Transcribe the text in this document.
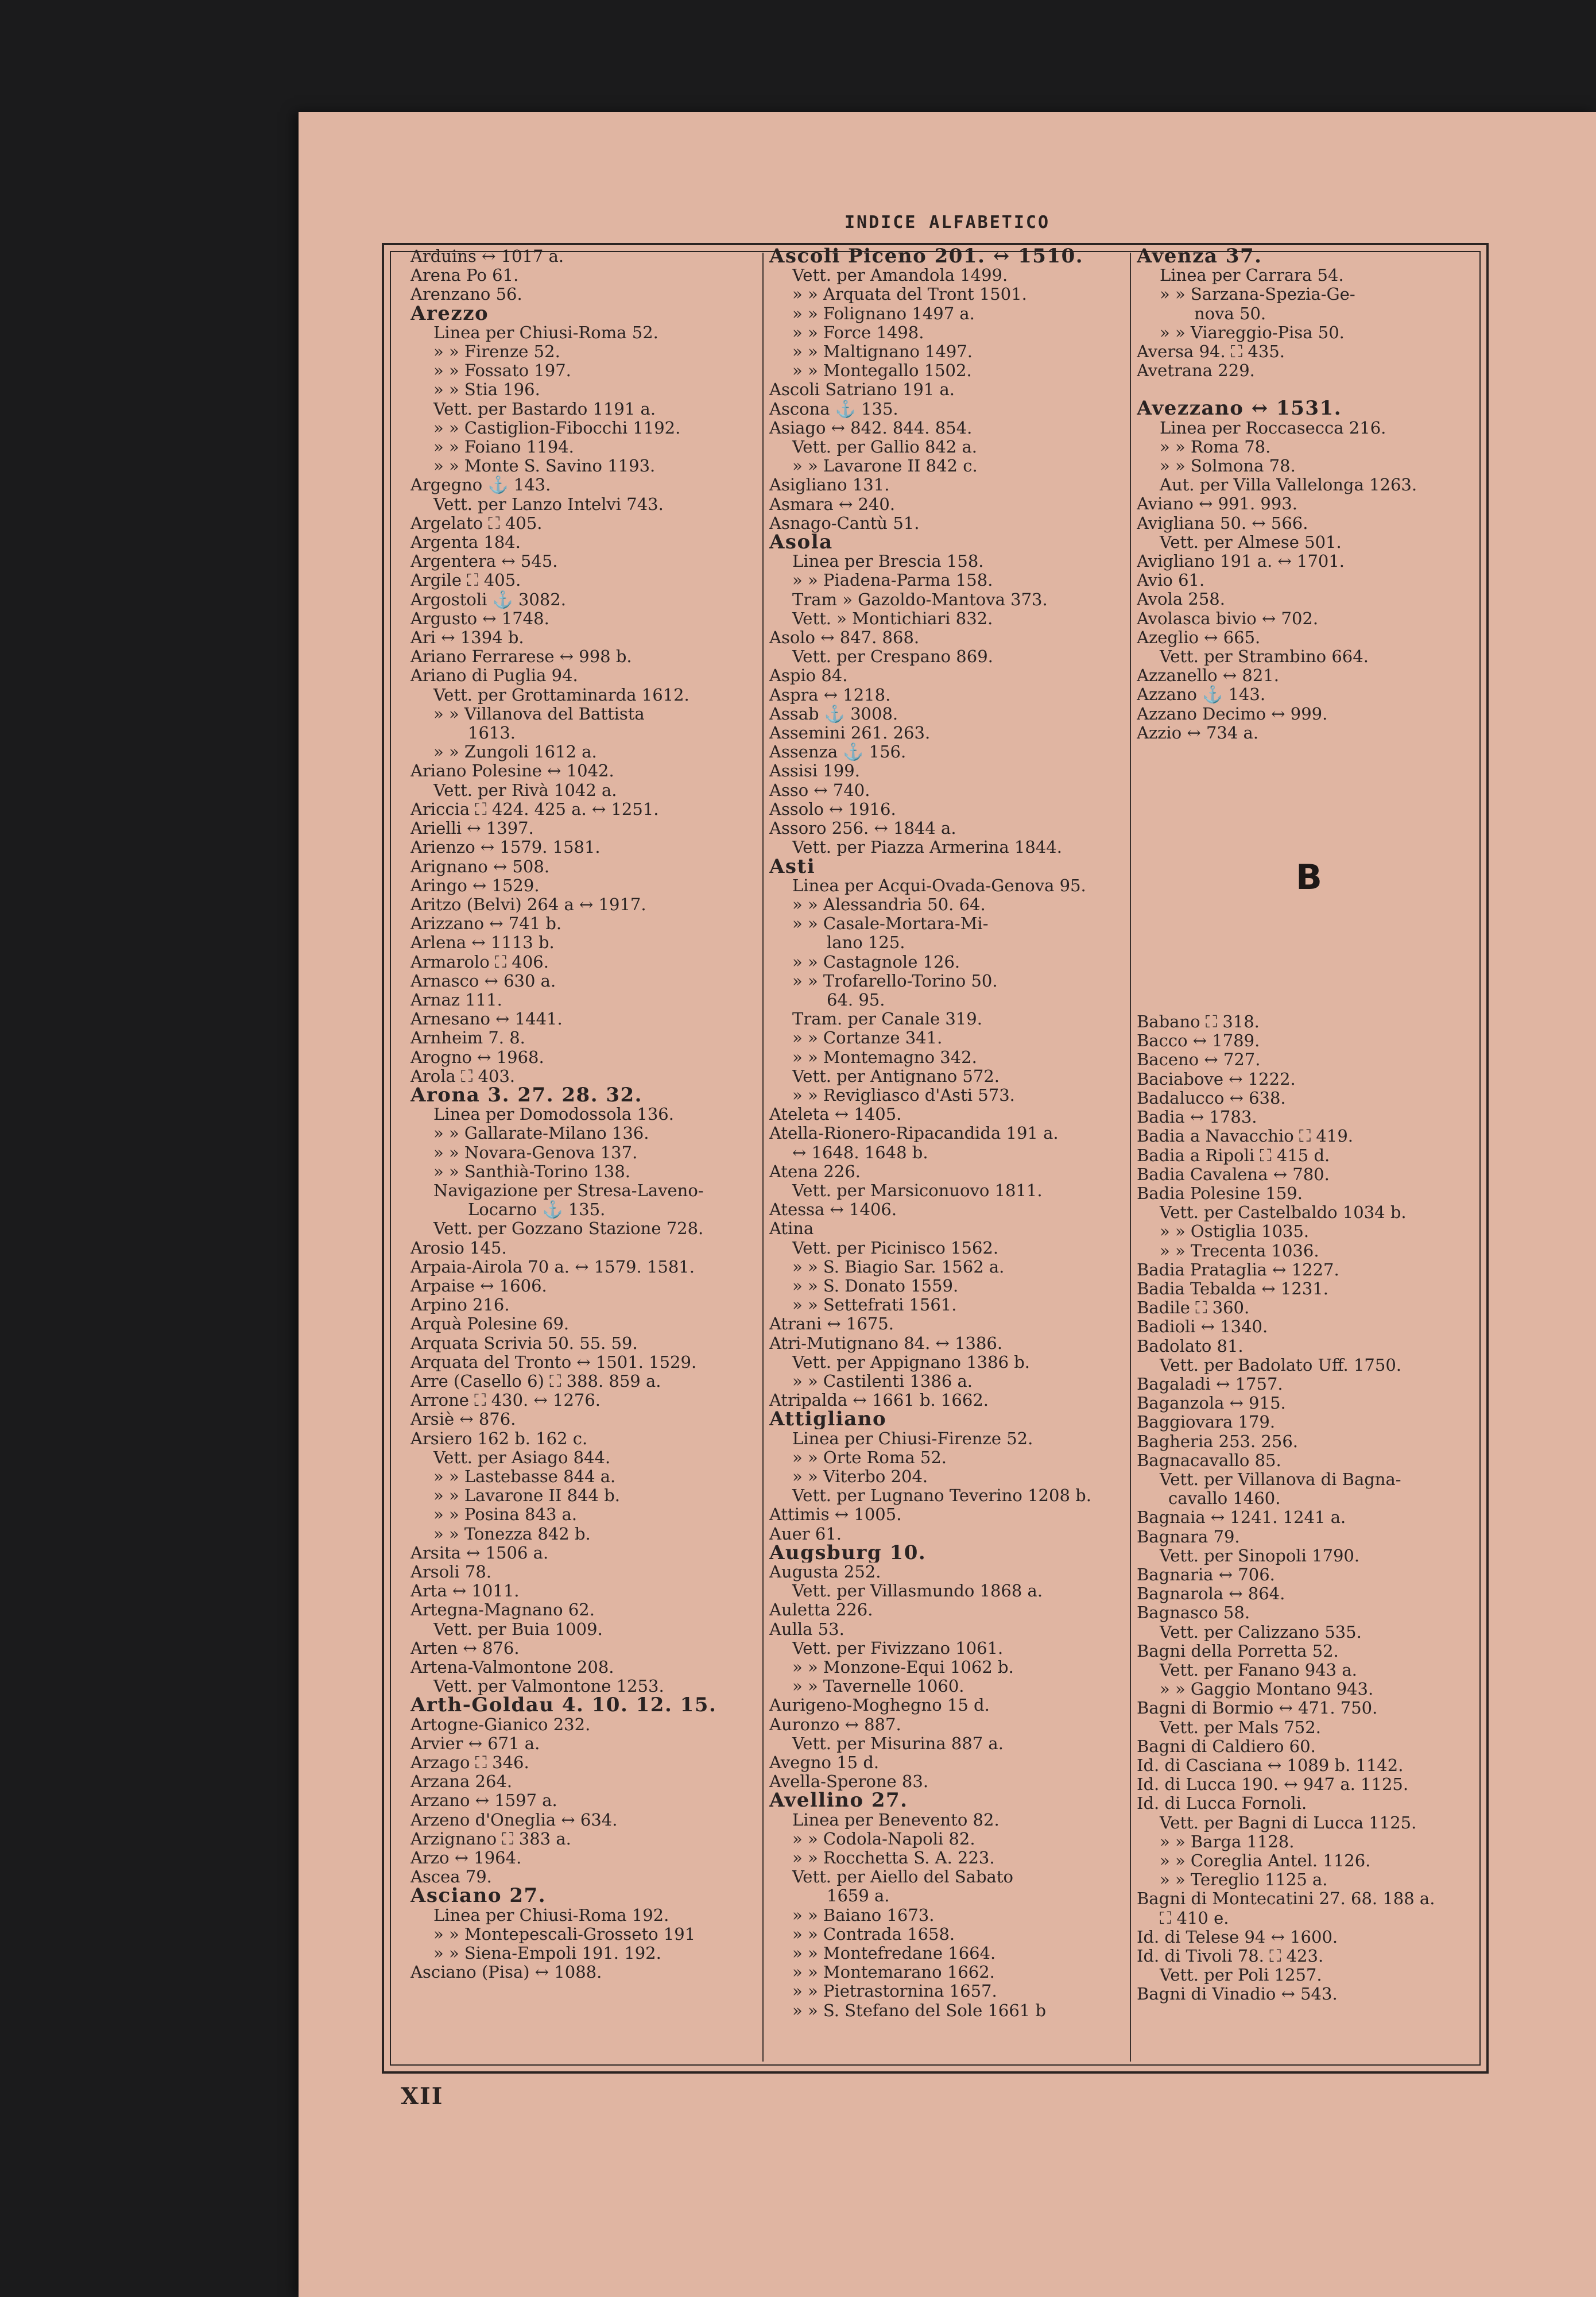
INDICE ALFABETICO
Arduins ↔ 1017 a.
Arena Po 61.
Arenzano 56.
Arezzo
Linea per Chiusi-Roma 52.
» » Firenze 52.
» » Fossato 197.
» » Stia 196.
Vett. per Bastardo 1191 a.
» » Castiglion-Fibocchi 1192.
» » Foiano 1194.
» » Monte S. Savino 1193.
Argegno ⚓ 143.
Vett. per Lanzo Intelvi 743.
Argelato ⛶ 405.
Argenta 184.
Argentera ↔ 545.
Argile ⛶ 405.
Argostoli ⚓ 3082.
Argusto ↔ 1748.
Ari ↔ 1394 b.
Ariano Ferrarese ↔ 998 b.
Ariano di Puglia 94.
Vett. per Grottaminarda 1612.
» » Villanova del Battista
1613.
» » Zungoli 1612 a.
Ariano Polesine ↔ 1042.
Vett. per Rivà 1042 a.
Ariccia ⛶ 424. 425 a. ↔ 1251.
Arielli ↔ 1397.
Arienzo ↔ 1579. 1581.
Arignano ↔ 508.
Aringo ↔ 1529.
Aritzo (Belvi) 264 a ↔ 1917.
Arizzano ↔ 741 b.
Arlena ↔ 1113 b.
Armarolo ⛶ 406.
Arnasco ↔ 630 a.
Arnaz 111.
Arnesano ↔ 1441.
Arnheim 7. 8.
Arogno ↔ 1968.
Arola ⛶ 403.
Arona 3. 27. 28. 32.
Linea per Domodossola 136.
» » Gallarate-Milano 136.
» » Novara-Genova 137.
» » Santhià-Torino 138.
Navigazione per Stresa-Laveno-
Locarno ⚓ 135.
Vett. per Gozzano Stazione 728.
Arosio 145.
Arpaia-Airola 70 a. ↔ 1579. 1581.
Arpaise ↔ 1606.
Arpino 216.
Arquà Polesine 69.
Arquata Scrivia 50. 55. 59.
Arquata del Tronto ↔ 1501. 1529.
Arre (Casello 6) ⛶ 388. 859 a.
Arrone ⛶ 430. ↔ 1276.
Arsiè ↔ 876.
Arsiero 162 b. 162 c.
Vett. per Asiago 844.
» » Lastebasse 844 a.
» » Lavarone II 844 b.
» » Posina 843 a.
» » Tonezza 842 b.
Arsita ↔ 1506 a.
Arsoli 78.
Arta ↔ 1011.
Artegna-Magnano 62.
Vett. per Buia 1009.
Arten ↔ 876.
Artena-Valmontone 208.
Vett. per Valmontone 1253.
Arth-Goldau 4. 10. 12. 15.
Artogne-Gianico 232.
Arvier ↔ 671 a.
Arzago ⛶ 346.
Arzana 264.
Arzano ↔ 1597 a.
Arzeno d'Oneglia ↔ 634.
Arzignano ⛶ 383 a.
Arzo ↔ 1964.
Ascea 79.
Asciano 27.
Linea per Chiusi-Roma 192.
» » Montepescali-Grosseto 191
» » Siena-Empoli 191. 192.
Asciano (Pisa) ↔ 1088.
Ascoli Piceno 201. ↔ 1510.
Vett. per Amandola 1499.
» » Arquata del Tront 1501.
» » Folignano 1497 a.
» » Force 1498.
» » Maltignano 1497.
» » Montegallo 1502.
Ascoli Satriano 191 a.
Ascona ⚓ 135.
Asiago ↔ 842. 844. 854.
Vett. per Gallio 842 a.
» » Lavarone II 842 c.
Asigliano 131.
Asmara ↔ 240.
Asnago-Cantù 51.
Asola
Linea per Brescia 158.
» » Piadena-Parma 158.
Tram » Gazoldo-Mantova 373.
Vett. » Montichiari 832.
Asolo ↔ 847. 868.
Vett. per Crespano 869.
Aspio 84.
Aspra ↔ 1218.
Assab ⚓ 3008.
Assemini 261. 263.
Assenza ⚓ 156.
Assisi 199.
Asso ↔ 740.
Assolo ↔ 1916.
Assoro 256. ↔ 1844 a.
Vett. per Piazza Armerina 1844.
Asti
Linea per Acqui-Ovada-Genova 95.
» » Alessandria 50. 64.
» » Casale-Mortara-Mi-
lano 125.
» » Castagnole 126.
» » Trofarello-Torino 50.
64. 95.
Tram. per Canale 319.
» » Cortanze 341.
» » Montemagno 342.
Vett. per Antignano 572.
» » Revigliasco d'Asti 573.
Ateleta ↔ 1405.
Atella-Rionero-Ripacandida 191 a.
↔ 1648. 1648 b.
Atena 226.
Vett. per Marsiconuovo 1811.
Atessa ↔ 1406.
Atina
Vett. per Picinisco 1562.
» » S. Biagio Sar. 1562 a.
» » S. Donato 1559.
» » Settefrati 1561.
Atrani ↔ 1675.
Atri-Mutignano 84. ↔ 1386.
Vett. per Appignano 1386 b.
» » Castilenti 1386 a.
Atripalda ↔ 1661 b. 1662.
Attigliano
Linea per Chiusi-Firenze 52.
» » Orte Roma 52.
» » Viterbo 204.
Vett. per Lugnano Teverino 1208 b.
Attimis ↔ 1005.
Auer 61.
Augsburg 10.
Augusta 252.
Vett. per Villasmundo 1868 a.
Auletta 226.
Aulla 53.
Vett. per Fivizzano 1061.
» » Monzone-Equi 1062 b.
» » Tavernelle 1060.
Aurigeno-Moghegno 15 d.
Auronzo ↔ 887.
Vett. per Misurina 887 a.
Avegno 15 d.
Avella-Sperone 83.
Avellino 27.
Linea per Benevento 82.
» » Codola-Napoli 82.
» » Rocchetta S. A. 223.
Vett. per Aiello del Sabato
1659 a.
» » Baiano 1673.
» » Contrada 1658.
» » Montefredane 1664.
» » Montemarano 1662.
» » Pietrastornina 1657.
» » S. Stefano del Sole 1661 b
Avenza 37.
Linea per Carrara 54.
» » Sarzana-Spezia-Ge-
nova 50.
» » Viareggio-Pisa 50.
Aversa 94. ⛶ 435.
Avetrana 229.
Avezzano ↔ 1531.
Linea per Roccasecca 216.
» » Roma 78.
» » Solmona 78.
Aut. per Villa Vallelonga 1263.
Aviano ↔ 991. 993.
Avigliana 50. ↔ 566.
Vett. per Almese 501.
Avigliano 191 a. ↔ 1701.
Avio 61.
Avola 258.
Avolasca bivio ↔ 702.
Azeglio ↔ 665.
Vett. per Strambino 664.
Azzanello ↔ 821.
Azzano ⚓ 143.
Azzano Decimo ↔ 999.
Azzio ↔ 734 a.
B
Babano ⛶ 318.
Bacco ↔ 1789.
Baceno ↔ 727.
Baciabove ↔ 1222.
Badalucco ↔ 638.
Badia ↔ 1783.
Badia a Navacchio ⛶ 419.
Badia a Ripoli ⛶ 415 d.
Badia Cavalena ↔ 780.
Badia Polesine 159.
Vett. per Castelbaldo 1034 b.
» » Ostiglia 1035.
» » Trecenta 1036.
Badia Prataglia ↔ 1227.
Badia Tebalda ↔ 1231.
Badile ⛶ 360.
Badioli ↔ 1340.
Badolato 81.
Vett. per Badolato Uff. 1750.
Bagaladi ↔ 1757.
Baganzola ↔ 915.
Baggiovara 179.
Bagheria 253. 256.
Bagnacavallo 85.
Vett. per Villanova di Bagna-
cavallo 1460.
Bagnaia ↔ 1241. 1241 a.
Bagnara 79.
Vett. per Sinopoli 1790.
Bagnaria ↔ 706.
Bagnarola ↔ 864.
Bagnasco 58.
Vett. per Calizzano 535.
Bagni della Porretta 52.
Vett. per Fanano 943 a.
» » Gaggio Montano 943.
Bagni di Bormio ↔ 471. 750.
Vett. per Mals 752.
Bagni di Caldiero 60.
Id. di Casciana ↔ 1089 b. 1142.
Id. di Lucca 190. ↔ 947 a. 1125.
Id. di Lucca Fornoli.
Vett. per Bagni di Lucca 1125.
» » Barga 1128.
» » Coreglia Antel. 1126.
» » Tereglio 1125 a.
Bagni di Montecatini 27. 68. 188 a.
⛶ 410 e.
Id. di Telese 94 ↔ 1600.
Id. di Tivoli 78. ⛶ 423.
Vett. per Poli 1257.
Bagni di Vinadio ↔ 543.
XII
